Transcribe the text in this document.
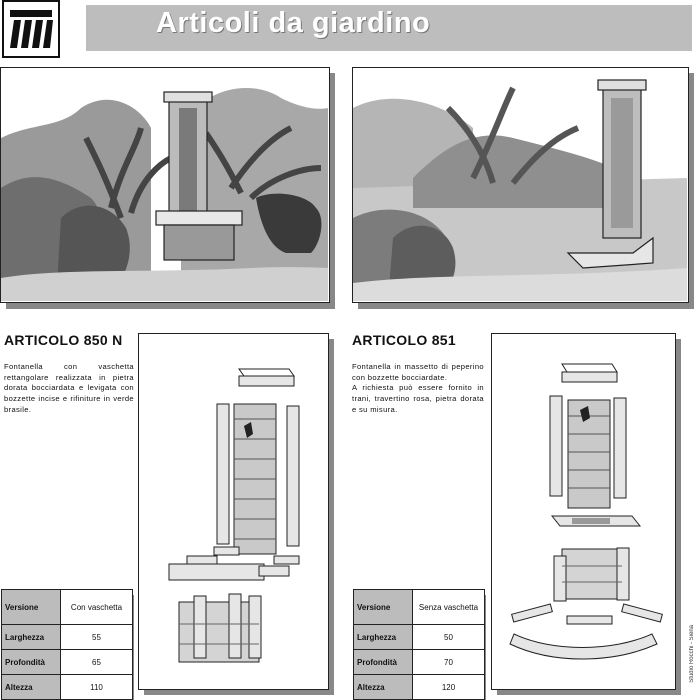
Articoli da giardino
ARTICOLO 850 N
Fontanella con vaschetta rettangolare realizzata in pietra dorata bocciardata e levigata con bozzette incise e rifiniture in verde brasile.
Versione	Con vaschetta
Larghezza	55
Profondità	65
Altezza	110
ARTICOLO 851
Fontanella in massetto di peperino con bozzette bocciardate.
A richiesta può essere fornito in trani, travertino rosa, pietra dorata e su misura.
Versione	Senza vaschetta
Larghezza	50
Profondità	70
Altezza	120
Studio Rocchi - Siena
